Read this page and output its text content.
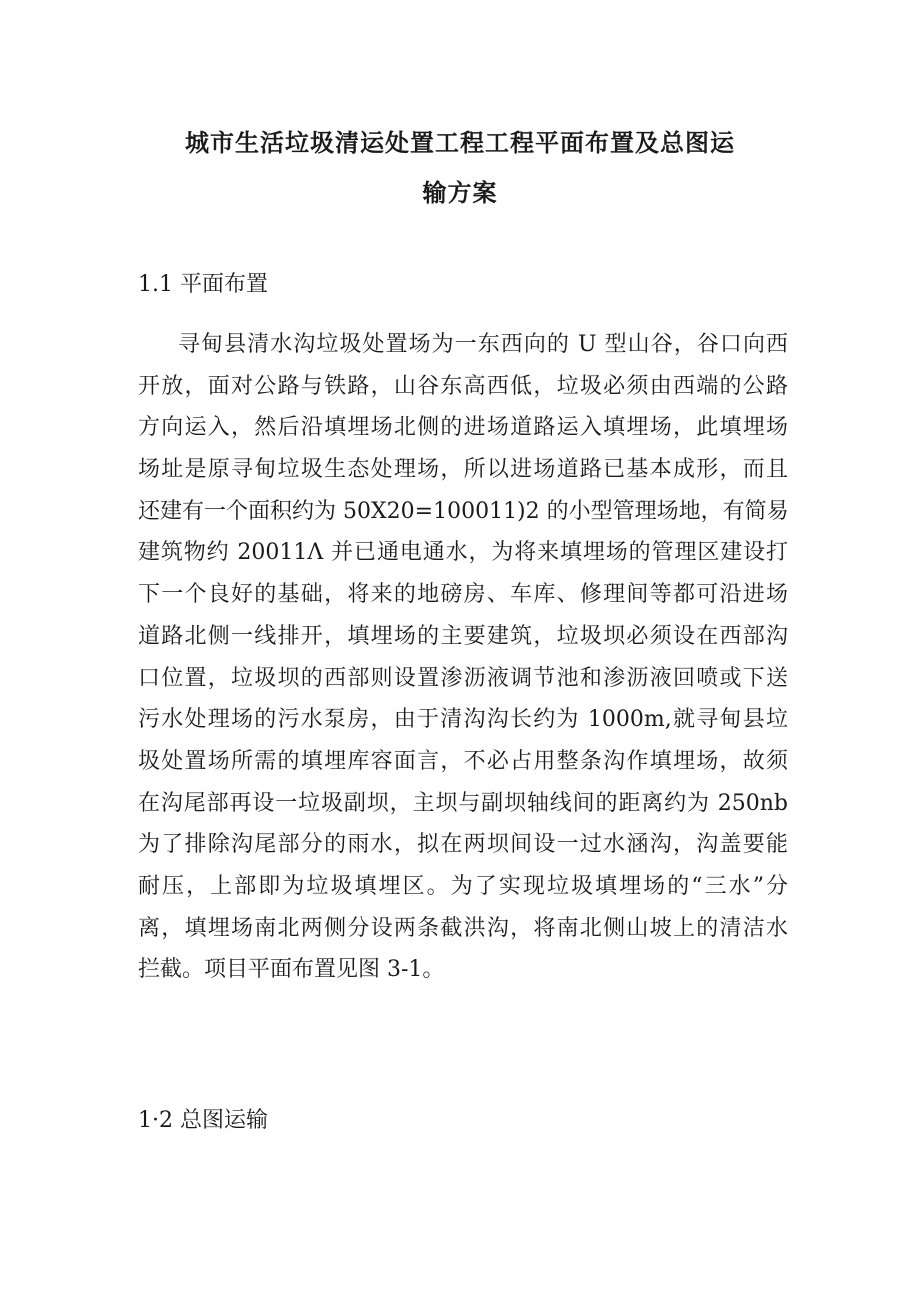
城市生活垃圾清运处置工程工程平面布置及总图运
输方案
1.1 平面布置
寻甸县清水沟垃圾处置场为一东西向的 U 型山谷，谷口向西
开放，面对公路与铁路，山谷东高西低，垃圾必须由西端的公路
方向运入，然后沿填埋场北侧的进场道路运入填埋场，此填埋场
场址是原寻甸垃圾生态处理场，所以进场道路已基本成形，而且
还建有一个面积约为 50X20=100011)2 的小型管理场地，有简易
建筑物约 20011Λ 并已通电通水，为将来填埋场的管理区建设打
下一个良好的基础，将来的地磅房、车库、修理间等都可沿进场
道路北侧一线排开，填埋场的主要建筑，垃圾坝必须设在西部沟
口位置，垃圾坝的西部则设置渗沥液调节池和渗沥液回喷或下送
污水处理场的污水泵房，由于清沟沟长约为 1000m,就寻甸县垃
圾处置场所需的填埋库容面言，不必占用整条沟作填埋场，故须
在沟尾部再设一垃圾副坝，主坝与副坝轴线间的距离约为 250nb
为了排除沟尾部分的雨水，拟在两坝间设一过水涵沟，沟盖要能
耐压，上部即为垃圾填埋区。为了实现垃圾填埋场的“三水”分
离，填埋场南北两侧分设两条截洪沟，将南北侧山坡上的清洁水
拦截。项目平面布置见图 3-1。
1·2 总图运输
